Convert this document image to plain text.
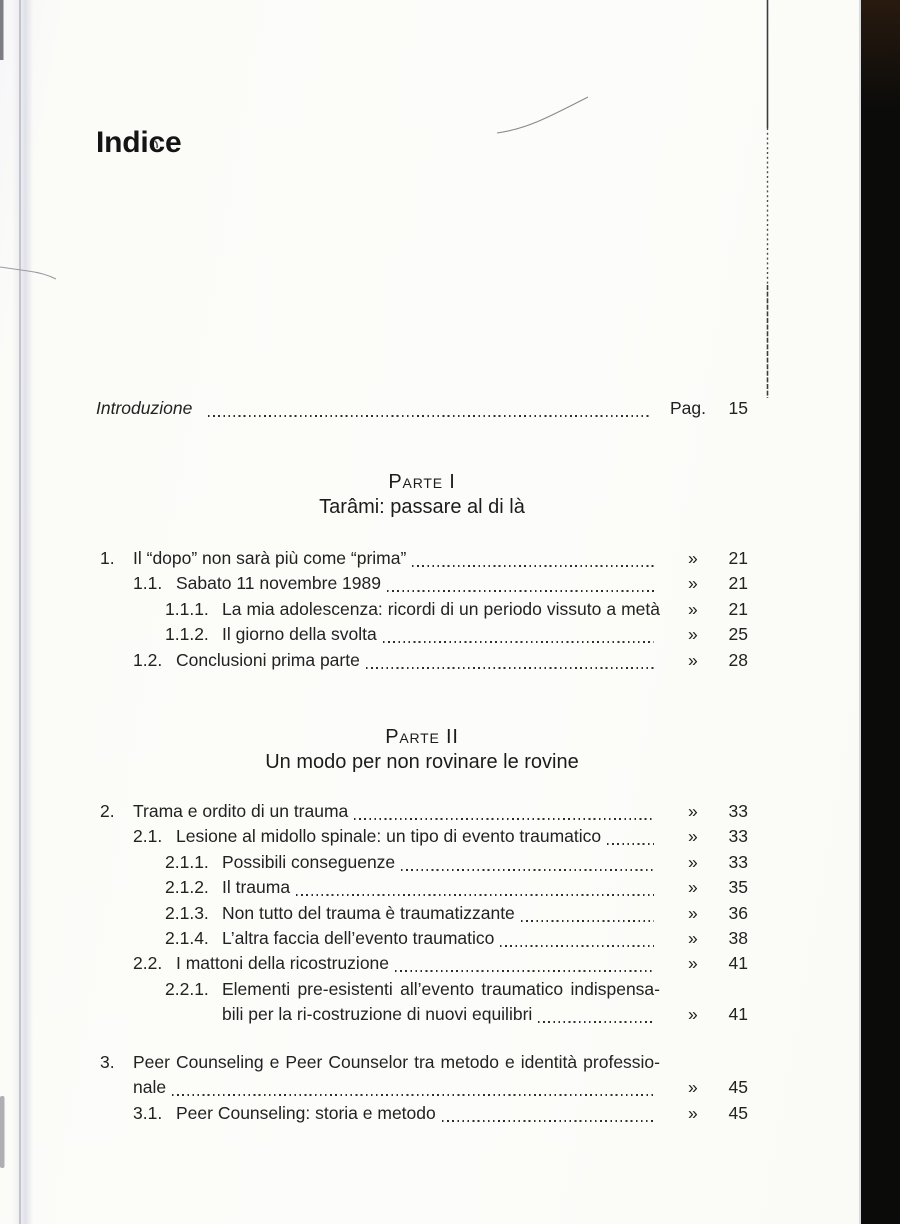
Indice
Introduzione	Pag.	15
Parte I
Tarâmi: passare al di là
1. Il “dopo” non sarà più come “prima”	»	21
1.1. Sabato 11 novembre 1989	»	21
1.1.1. La mia adolescenza: ricordi di un periodo vissuto a metà	»	21
1.1.2. Il giorno della svolta	»	25
1.2. Conclusioni prima parte	»	28
Parte II
Un modo per non rovinare le rovine
2. Trama e ordito di un trauma	»	33
2.1. Lesione al midollo spinale: un tipo di evento traumatico	»	33
2.1.1. Possibili conseguenze	»	33
2.1.2. Il trauma	»	35
2.1.3. Non tutto del trauma è traumatizzante	»	36
2.1.4. L’altra faccia dell’evento traumatico	»	38
2.2. I mattoni della ricostruzione	»	41
2.2.1. Elementi pre-esistenti all’evento traumatico indispensa-
bili per la ri-costruzione di nuovi equilibri	»	41
3. Peer Counseling e Peer Counselor tra metodo e identità professio-
nale	»	45
3.1. Peer Counseling: storia e metodo	»	45
